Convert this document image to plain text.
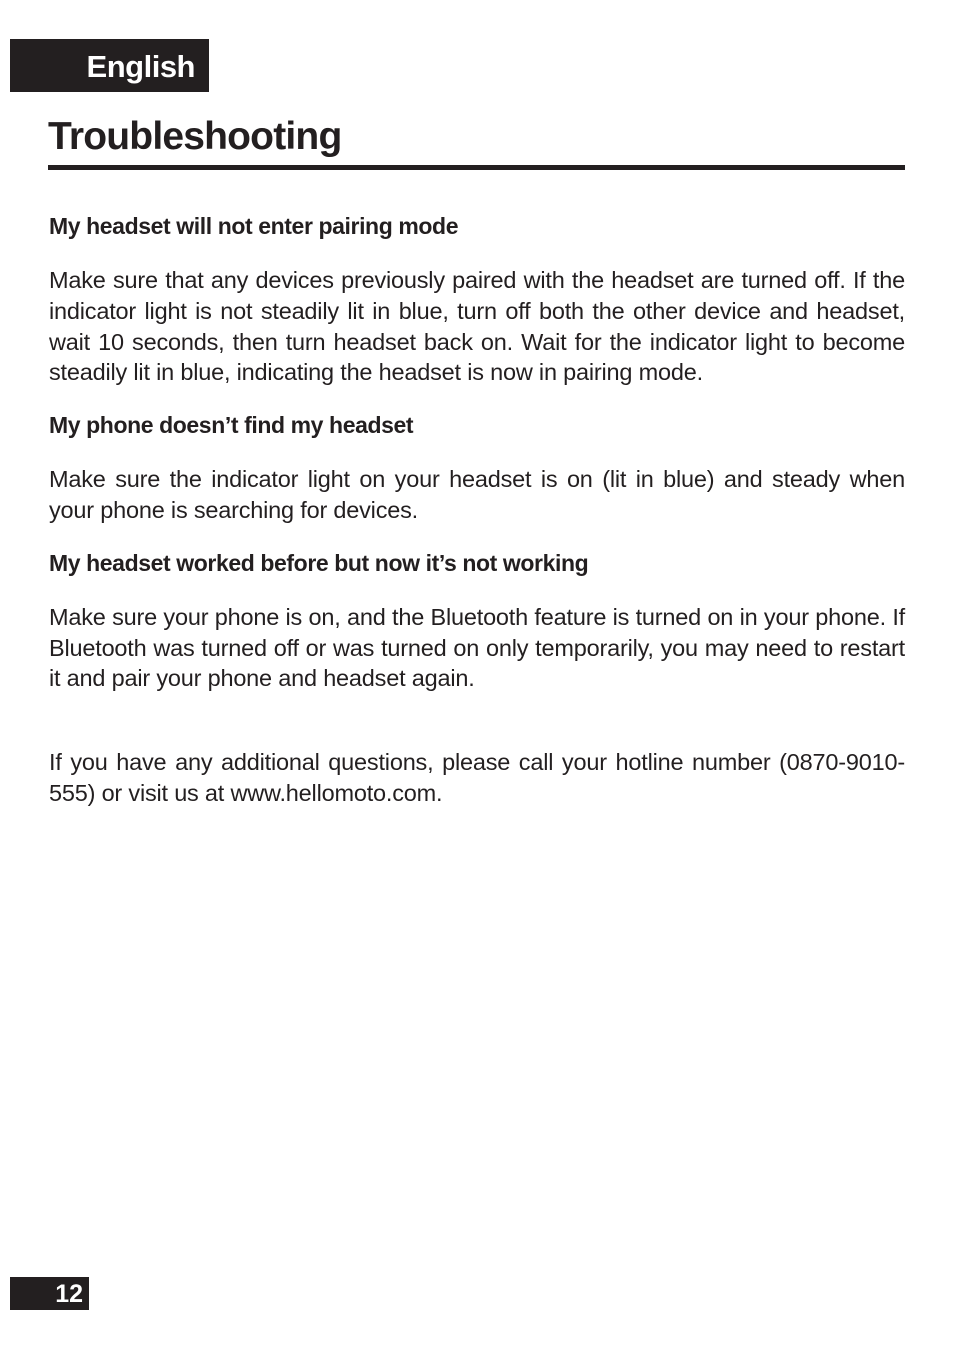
English
Troubleshooting

My headset will not enter pairing mode

Make sure that any devices previously paired with the headset are turned off. If the indicator light is not steadily lit in blue, turn off both the other device and headset, wait 10 seconds, then turn headset back on. Wait for the indicator light to become steadily lit in blue, indicating the headset is now in pairing mode.

My phone doesn’t find my headset

Make sure the indicator light on your headset is on (lit in blue) and steady when your phone is searching for devices.

My headset worked before but now it’s not working

Make sure your phone is on, and the Bluetooth feature is turned on in your phone. If Bluetooth was turned off or was turned on only temporarily, you may need to restart it and pair your phone and headset again.

If you have any additional questions, please call your hotline number (0870-9010-555) or visit us at www.hellomoto.com.

12
